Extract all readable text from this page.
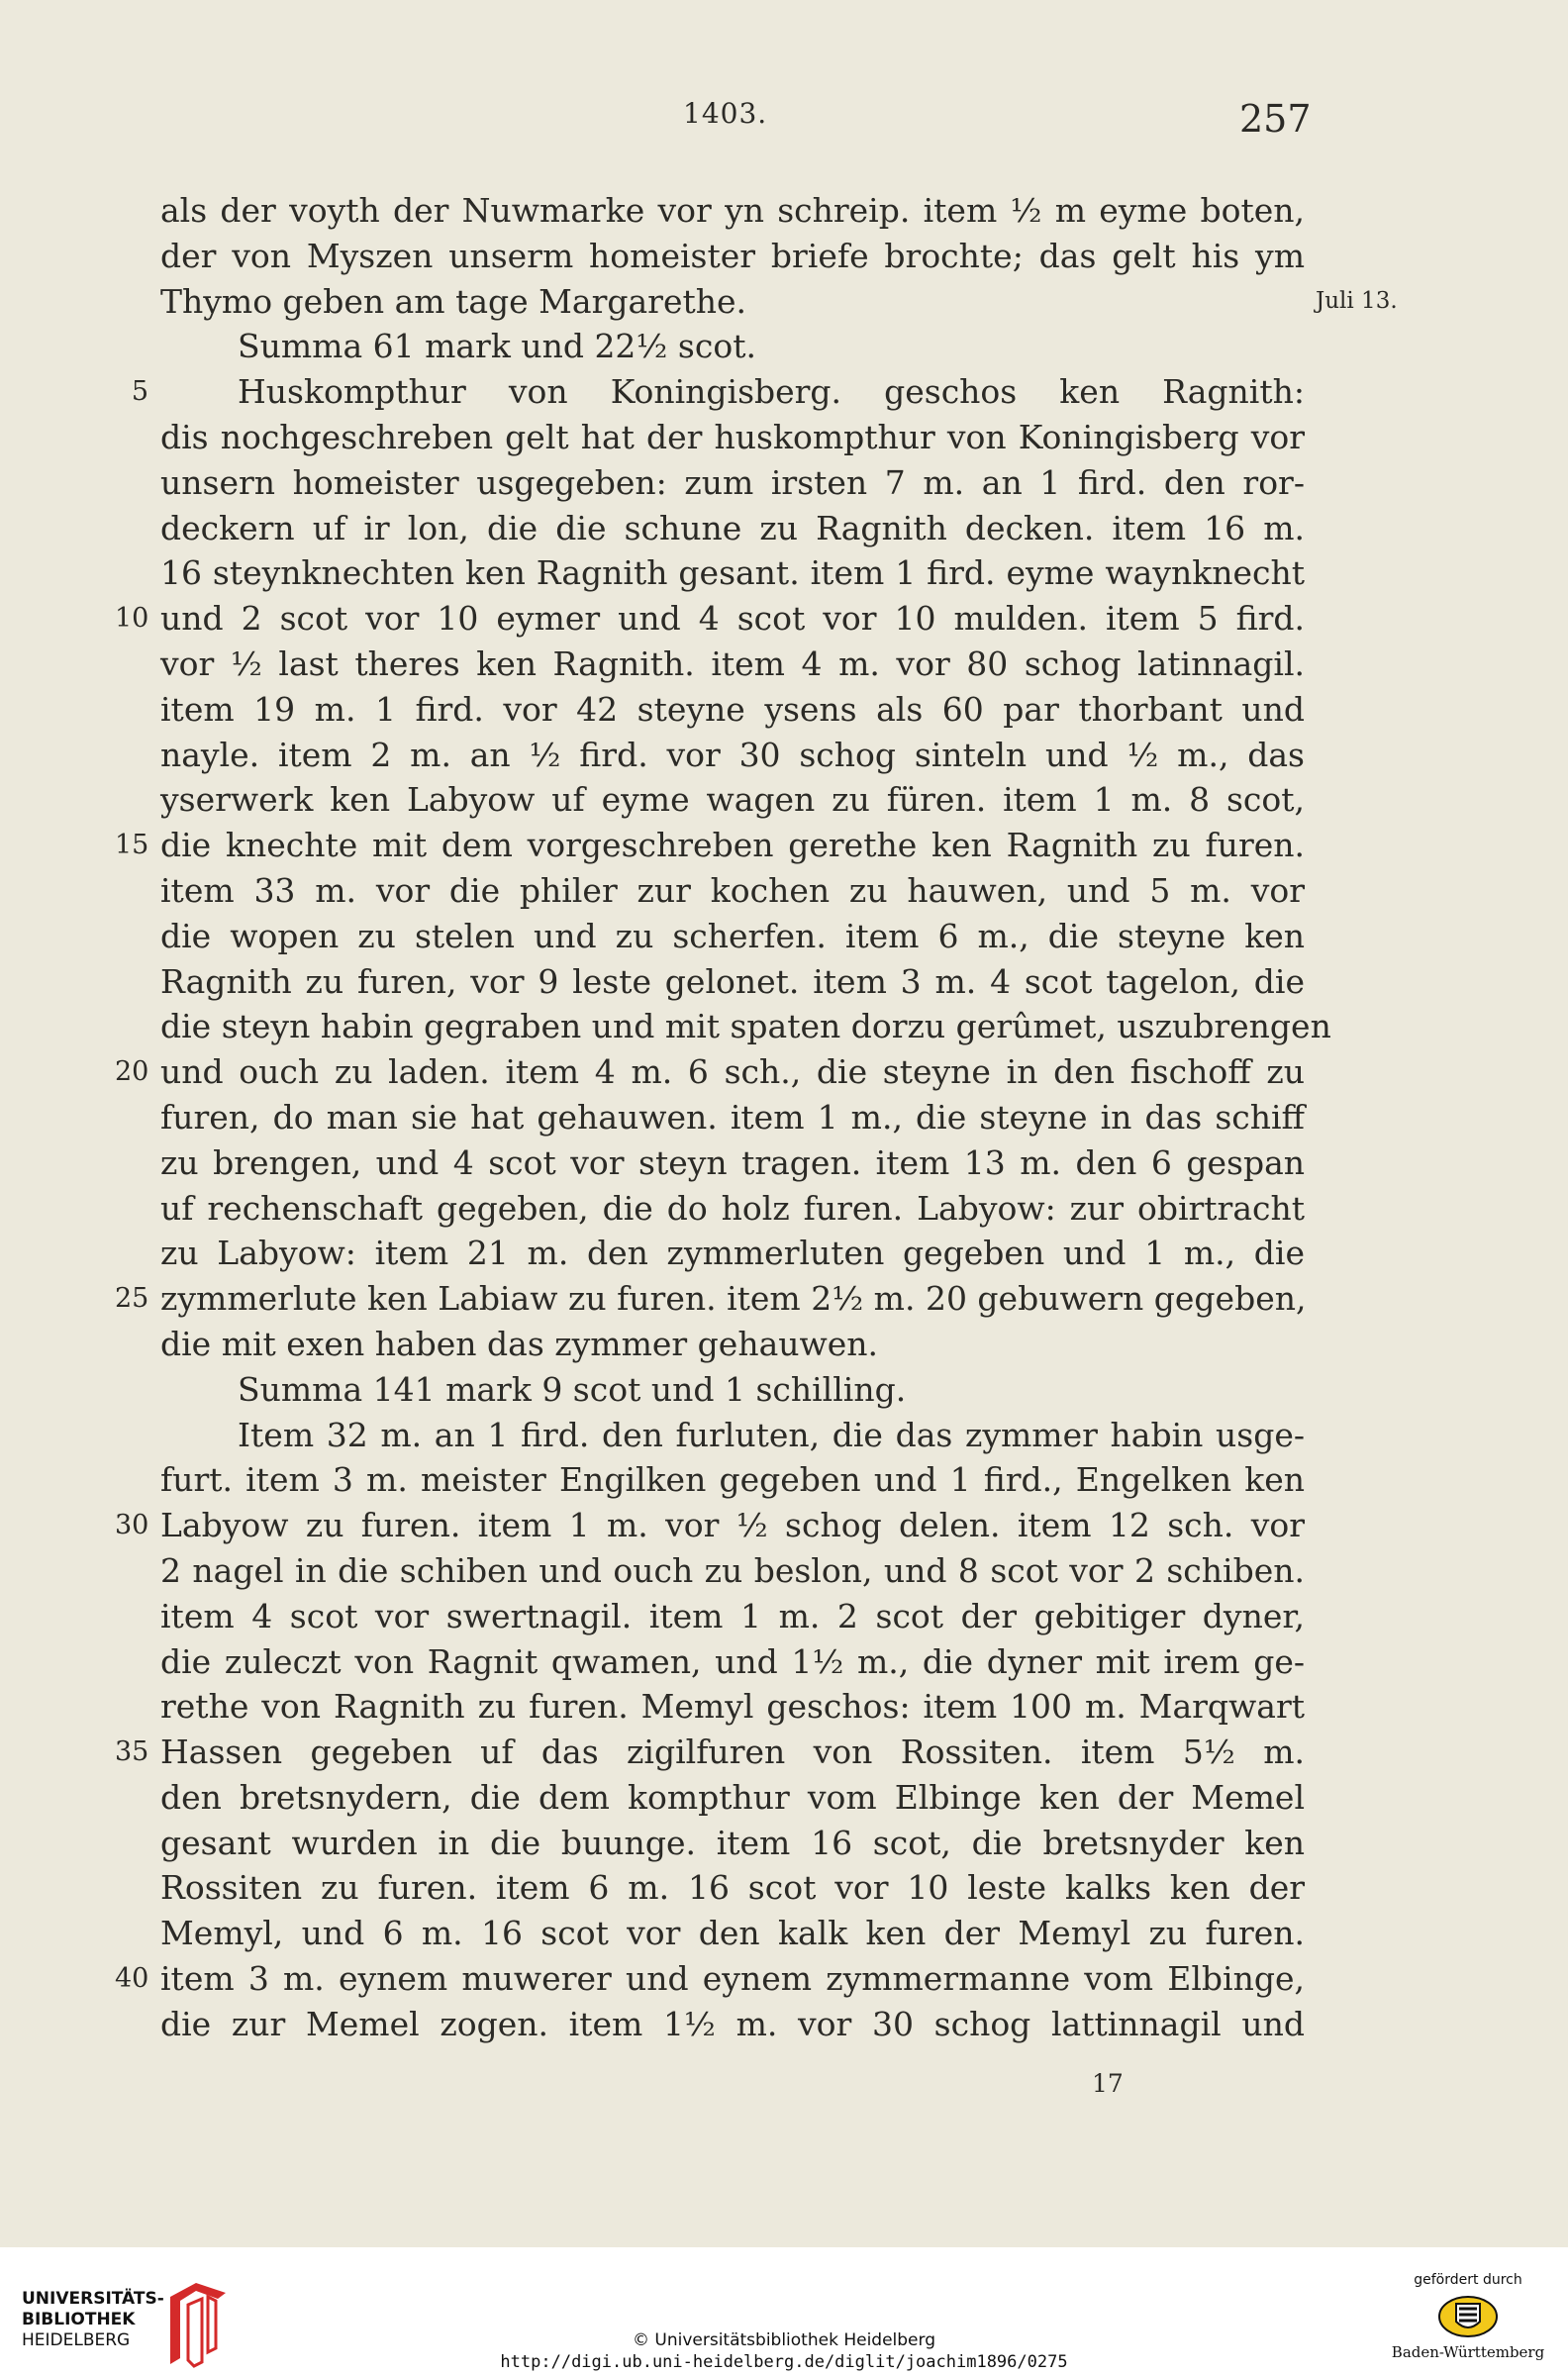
1403.	257
als der voyth der Nuwmarke vor yn schreip. item ½ m eyme boten,
der von Myszen unserm homeister briefe brochte; das gelt his ym
Thymo geben am tage Margarethe.	Juli 13.
Summa 61 mark und 22½ scot.
5	Huskompthur von Koningisberg. geschos ken Ragnith:
dis nochgeschreben gelt hat der huskompthur von Koningisberg vor
unsern homeister usgegeben: zum irsten 7 m. an 1 fird. den ror-
deckern uf ir lon, die die schune zu Ragnith decken. item 16 m.
16 steynknechten ken Ragnith gesant. item 1 fird. eyme waynknecht
10 und 2 scot vor 10 eymer und 4 scot vor 10 mulden. item 5 fird.
vor ½ last theres ken Ragnith. item 4 m. vor 80 schog latinnagil.
item 19 m. 1 fird. vor 42 steyne ysens als 60 par thorbant und
nayle. item 2 m. an ½ fird. vor 30 schog sinteln und ½ m., das
yserwerk ken Labyow uf eyme wagen zu füren. item 1 m. 8 scot,
15 die knechte mit dem vorgeschreben gerethe ken Ragnith zu furen.
item 33 m. vor die philer zur kochen zu hauwen, und 5 m. vor
die wopen zu stelen und zu scherfen. item 6 m., die steyne ken
Ragnith zu furen, vor 9 leste gelonet. item 3 m. 4 scot tagelon, die
die steyn habin gegraben und mit spaten dorzu gerûmet, uszubrengen
20 und ouch zu laden. item 4 m. 6 sch., die steyne in den fischoff zu
furen, do man sie hat gehauwen. item 1 m., die steyne in das schiff
zu brengen, und 4 scot vor steyn tragen. item 13 m. den 6 gespan
uf rechenschaft gegeben, die do holz furen. Labyow: zur obirtracht
zu Labyow: item 21 m. den zymmerluten gegeben und 1 m., die
25 zymmerlute ken Labiaw zu furen. item 2½ m. 20 gebuwern gegeben,
die mit exen haben das zymmer gehauwen.
Summa 141 mark 9 scot und 1 schilling.
Item 32 m. an 1 fird. den furluten, die das zymmer habin usge-
furt. item 3 m. meister Engilken gegeben und 1 fird., Engelken ken
30 Labyow zu furen. item 1 m. vor ½ schog delen. item 12 sch. vor
2 nagel in die schiben und ouch zu beslon, und 8 scot vor 2 schiben.
item 4 scot vor swertnagil. item 1 m. 2 scot der gebitiger dyner,
die zuleczt von Ragnit qwamen, und 1½ m., die dyner mit irem ge-
rethe von Ragnith zu furen. Memyl geschos: item 100 m. Marqwart
35 Hassen gegeben uf das zigilfuren von Rossiten. item 5½ m.
den bretsnydern, die dem kompthur vom Elbinge ken der Memel
gesant wurden in die buunge. item 16 scot, die bretsnyder ken
Rossiten zu furen. item 6 m. 16 scot vor 10 leste kalks ken der
Memyl, und 6 m. 16 scot vor den kalk ken der Memyl zu furen.
40 item 3 m. eynem muwerer und eynem zymmermanne vom Elbinge,
die zur Memel zogen. item 1½ m. vor 30 schog lattinnagil und
17
UNIVERSITÄTS-
BIBLIOTHEK
HEIDELBERG	© Universitätsbibliothek Heidelberg
http://digi.ub.uni-heidelberg.de/diglit/joachim1896/0275
gefördert durch
Baden-Württemberg
